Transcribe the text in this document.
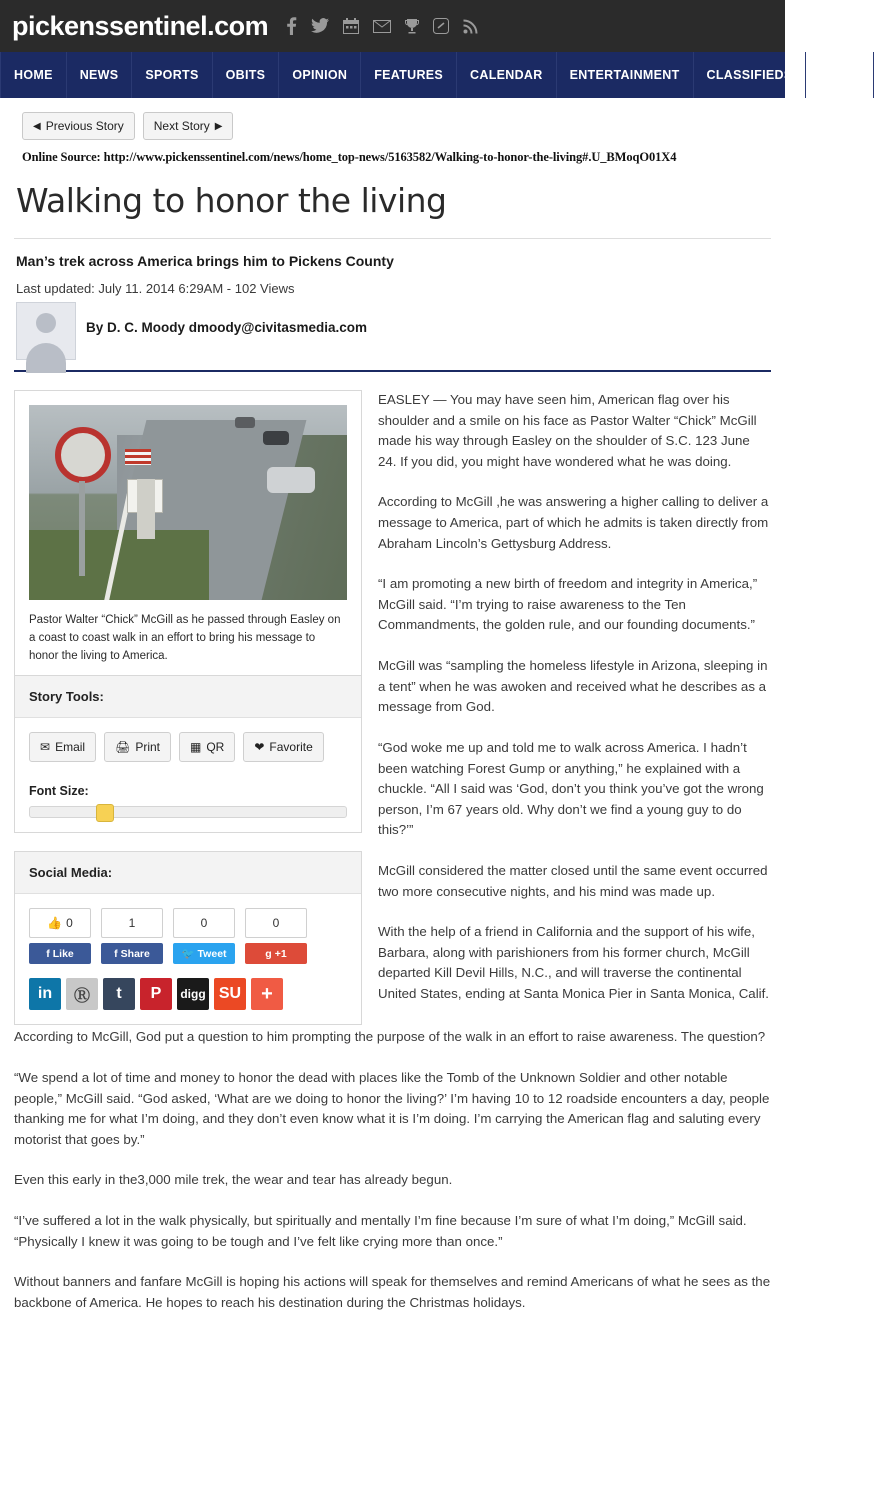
pickenssentinel.com
HOME	NEWS	SPORTS	OBITS	OPINION	FEATURES	CALENDAR	ENTERTAINMENT	CLASSIFIEDS	BUSIN
◀ Previous Story	Next Story ▶
Online Source: http://www.pickenssentinel.com/news/home_top-news/5163582/Walking-to-honor-the-living#.U_BMoqO01X4
Walking to honor the living
Man’s trek across America brings him to Pickens County
Last updated: July 11. 2014 6:29AM - 102 Views
By D. C. Moody dmoody@civitasmedia.com
Pastor Walter “Chick” McGill as he passed through Easley on a coast to coast walk in an effort to bring his message to honor the living to America.
Story Tools:
✉ Email	🖨 Print	▦ QR	❤ Favorite
Font Size:
Social Media:
👍 0
f Like
1
f Share
0
🐦 Tweet
0
g +1
in	Ⓡ	t	P	digg SU	+

EASLEY — You may have seen him, American flag over his shoulder and a smile on his face as Pastor Walter “Chick” McGill made his way through Easley on the shoulder of S.C. 123 June 24. If you did, you might have wondered what he was doing.

According to McGill ,he was answering a higher calling to deliver a message to America, part of which he admits is taken directly from Abraham Lincoln’s Gettysburg Address.

“I am promoting a new birth of freedom and integrity in America,” McGill said. “I’m trying to raise awareness to the Ten Commandments, the golden rule, and our founding documents.”

McGill was “sampling the homeless lifestyle in Arizona, sleeping in a tent” when he was awoken and received what he describes as a message from God.

“God woke me up and told me to walk across America. I hadn’t been watching Forest Gump or anything,” he explained with a chuckle. “All I said was ‘God, don’t you think you’ve got the wrong person, I’m 67 years old. Why don’t we find a young guy to do this?’”

McGill considered the matter closed until the same event occurred two more consecutive nights, and his mind was made up.

With the help of a friend in California and the support of his wife, Barbara, along with parishioners from his former church, McGill departed Kill Devil Hills, N.C., and will traverse the continental United States, ending at Santa Monica Pier in Santa Monica, Calif.

According to McGill, God put a question to him prompting the purpose of the walk in an effort to raise awareness. The question?

“We spend a lot of time and money to honor the dead with places like the Tomb of the Unknown Soldier and other notable people,” McGill said. “God asked, ‘What are we doing to honor the living?’ I’m having 10 to 12 roadside encounters a day, people thanking me for what I’m doing, and they don’t even know what it is I’m doing. I’m carrying the American flag and saluting every motorist that goes by.”

Even this early in the3,000 mile trek, the wear and tear has already begun.

“I’ve suffered a lot in the walk physically, but spiritually and mentally I’m fine because I’m sure of what I’m doing,” McGill said. “Physically I knew it was going to be tough and I’ve felt like crying more than once.”

Without banners and fanfare McGill is hoping his actions will speak for themselves and remind Americans of what he sees as the backbone of America. He hopes to reach his destination during the Christmas holidays.
